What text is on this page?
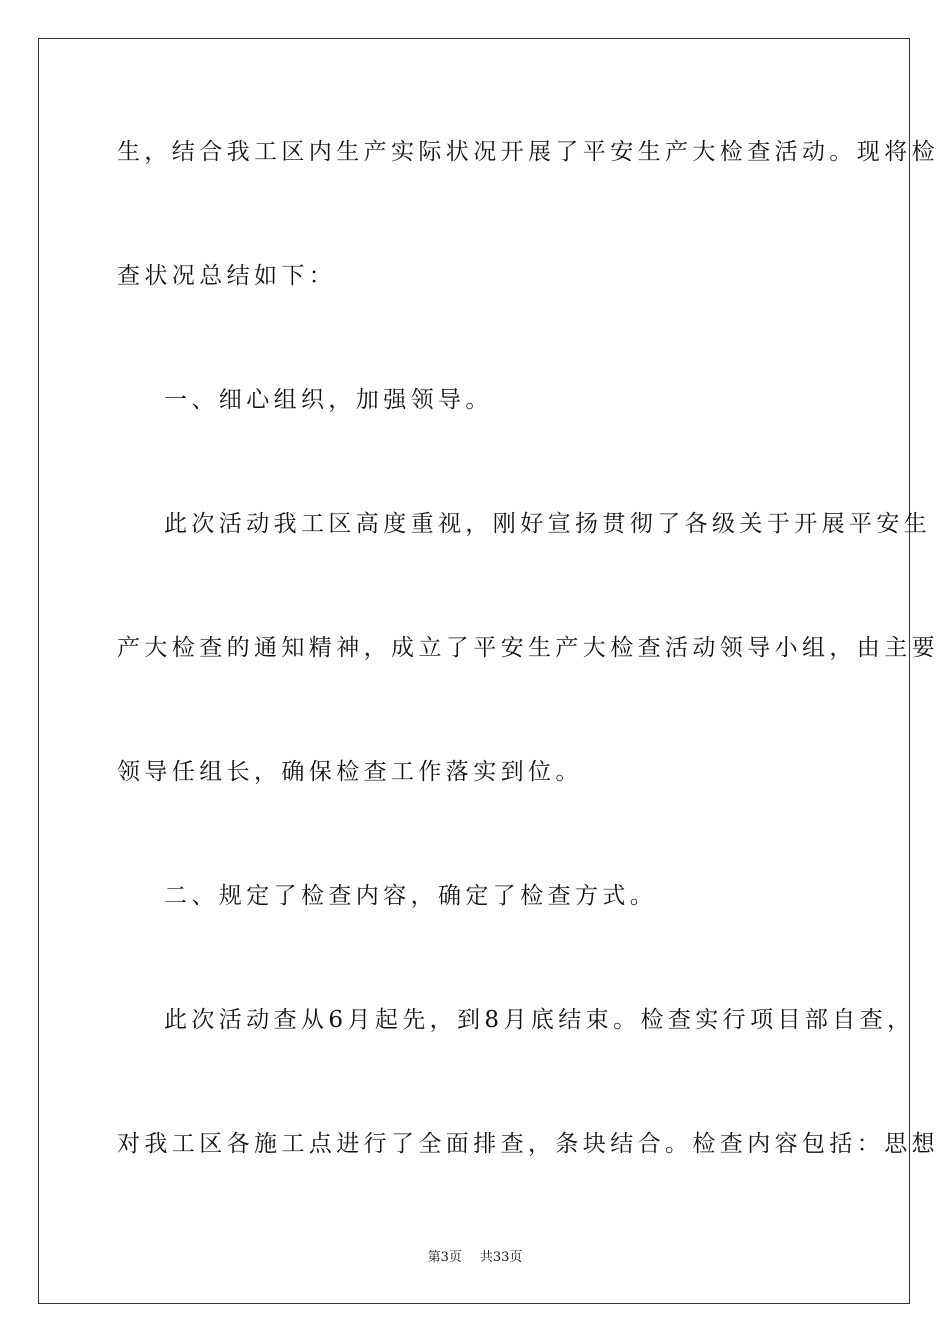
生，结合我工区内生产实际状况开展了平安生产大检查活动。现将检
查状况总结如下：
一、细心组织，加强领导。
此次活动我工区高度重视，刚好宣扬贯彻了各级关于开展平安生
产大检查的通知精神，成立了平安生产大检查活动领导小组，由主要
领导任组长，确保检查工作落实到位。
二、规定了检查内容，确定了检查方式。
此次活动查从6月起先，到8月底结束。检查实行项目部自查，
对我工区各施工点进行了全面排查，条块结合。检查内容包括：思想
第3页 共33页
